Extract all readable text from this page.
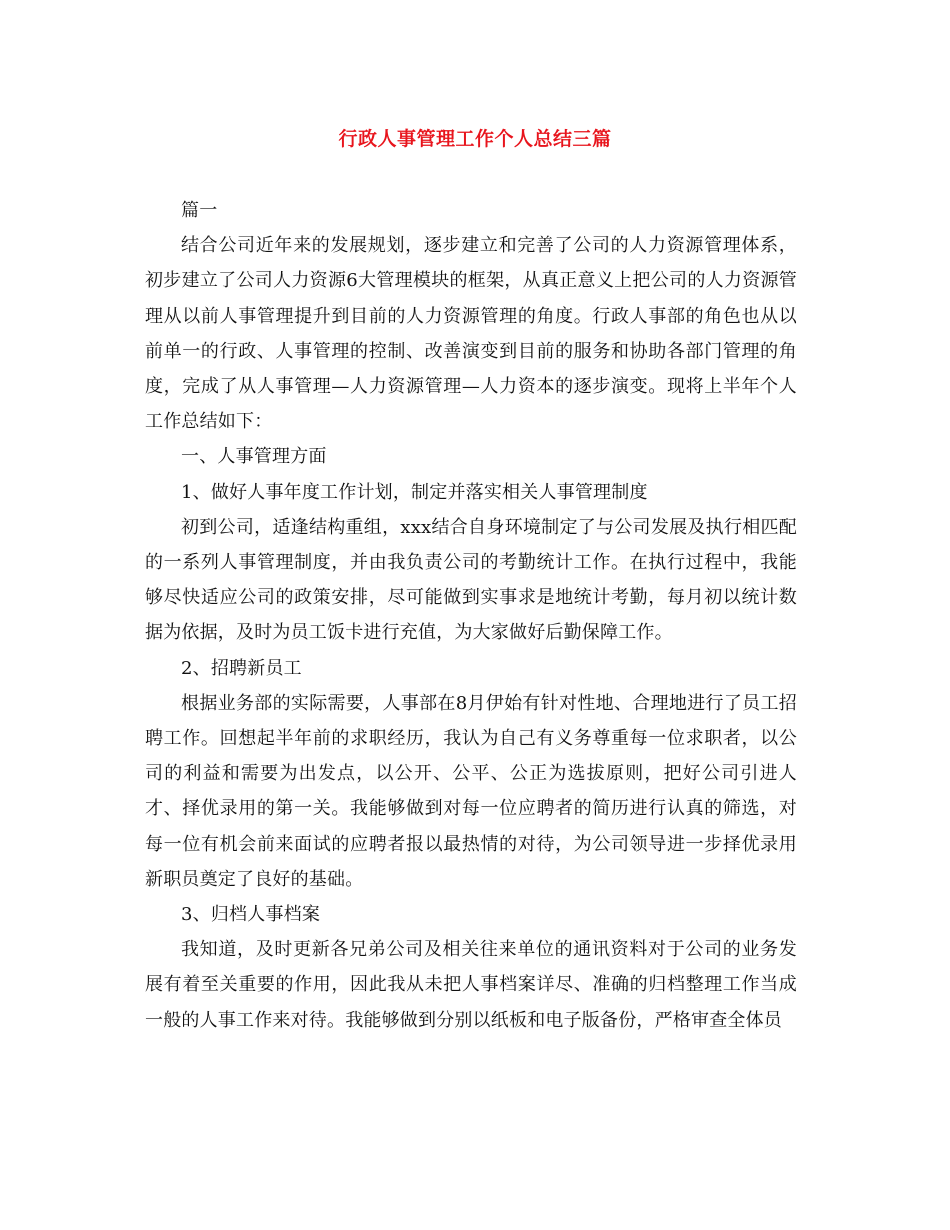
行政人事管理工作个人总结三篇

篇一

结合公司近年来的发展规划，逐步建立和完善了公司的人力资源管理体系，初步建立了公司人力资源6大管理模块的框架，从真正意义上把公司的人力资源管理从以前人事管理提升到目前的人力资源管理的角度。行政人事部的角色也从以前单一的行政、人事管理的控制、改善演变到目前的服务和协助各部门管理的角度，完成了从人事管理—人力资源管理—人力资本的逐步演变。现将上半年个人工作总结如下：

一、人事管理方面

1、做好人事年度工作计划，制定并落实相关人事管理制度

初到公司，适逢结构重组，xxx结合自身环境制定了与公司发展及执行相匹配的一系列人事管理制度，并由我负责公司的考勤统计工作。在执行过程中，我能够尽快适应公司的政策安排，尽可能做到实事求是地统计考勤，每月初以统计数据为依据，及时为员工饭卡进行充值，为大家做好后勤保障工作。

2、招聘新员工

根据业务部的实际需要，人事部在8月伊始有针对性地、合理地进行了员工招聘工作。回想起半年前的求职经历，我认为自己有义务尊重每一位求职者，以公司的利益和需要为出发点，以公开、公平、公正为选拔原则，把好公司引进人才、择优录用的第一关。我能够做到对每一位应聘者的简历进行认真的筛选，对每一位有机会前来面试的应聘者报以最热情的对待，为公司领导进一步择优录用新职员奠定了良好的基础。

3、归档人事档案

我知道，及时更新各兄弟公司及相关往来单位的通讯资料对于公司的业务发展有着至关重要的作用，因此我从未把人事档案详尽、准确的归档整理工作当成一般的人事工作来对待。我能够做到分别以纸板和电子版备份，严格审查全体员
